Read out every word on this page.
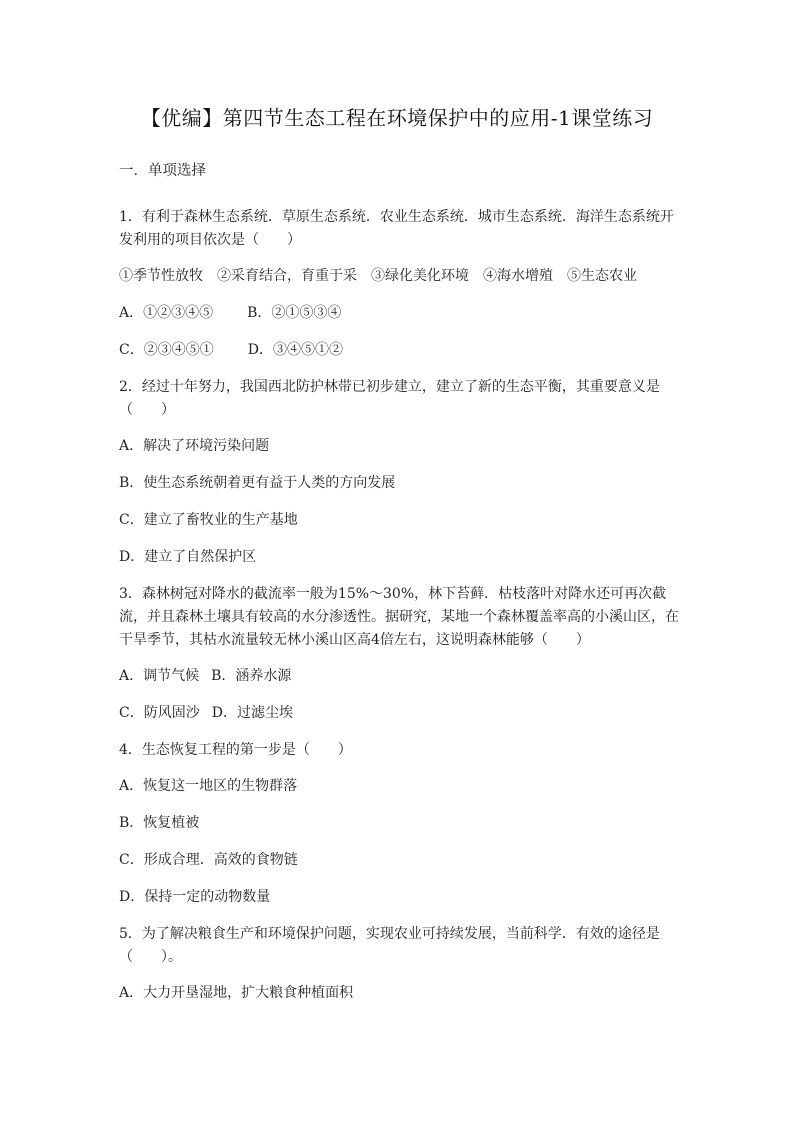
【优编】第四节生态工程在环境保护中的应用-1课堂练习
一．单项选择
1．有利于森林生态系统．草原生态系统．农业生态系统．城市生态系统．海洋生态系统开发利用的项目依次是（　　）
①季节性放牧　②采育结合，育重于采　③绿化美化环境　④海水增殖　⑤生态农业
A．①②③④⑤ B．②①⑤③④
C．②③④⑤① D．③④⑤①②
2．经过十年努力，我国西北防护林带已初步建立，建立了新的生态平衡，其重要意义是（　　）
A．解决了环境污染问题
B．使生态系统朝着更有益于人类的方向发展
C．建立了畜牧业的生产基地
D．建立了自然保护区
3．森林树冠对降水的截流率一般为15%～30%，林下苔藓．枯枝落叶对降水还可再次截流，并且森林土壤具有较高的水分渗透性。据研究，某地一个森林覆盖率高的小溪山区，在干旱季节，其枯水流量较无林小溪山区高4倍左右，这说明森林能够（　　）
A．调节气候 B．涵养水源
C．防风固沙 D．过滤尘埃
4．生态恢复工程的第一步是（　　）
A．恢复这一地区的生物群落
B．恢复植被
C．形成合理．高效的食物链
D．保持一定的动物数量
5．为了解决粮食生产和环境保护问题，实现农业可持续发展，当前科学．有效的途径是（　　）。
A．大力开垦湿地，扩大粮食种植面积
